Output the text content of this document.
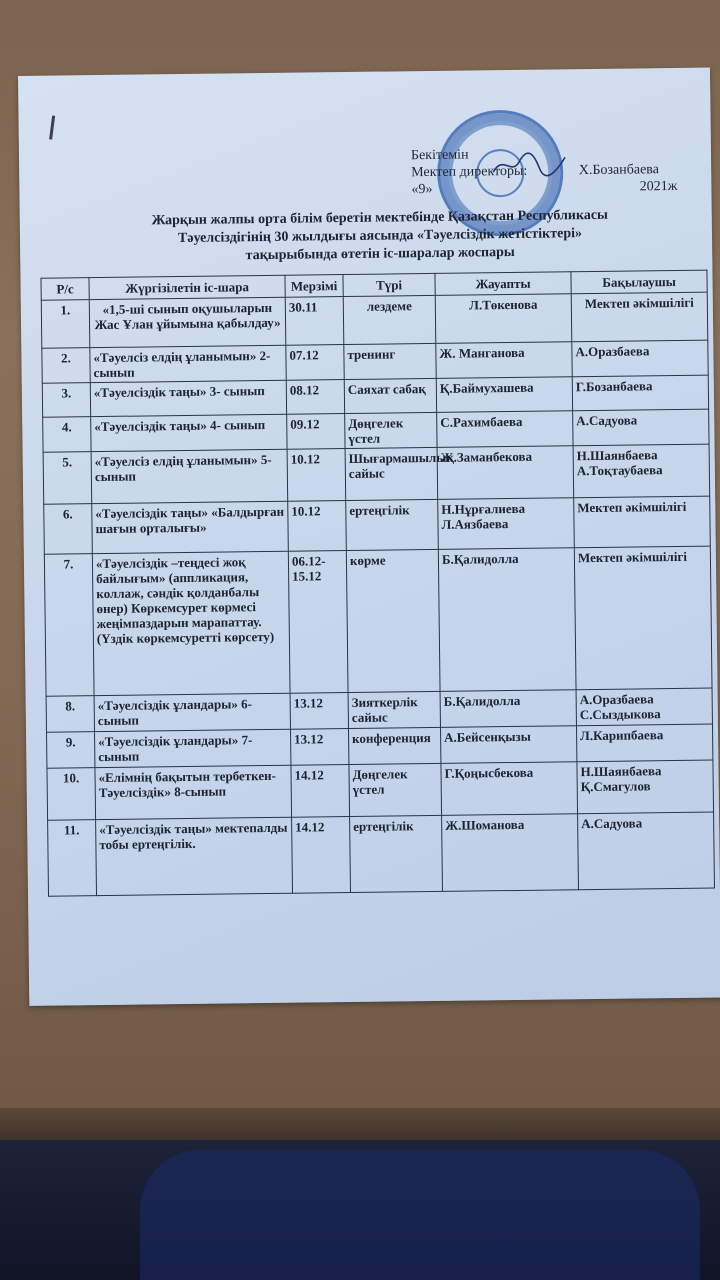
Бекітемін
Мектеп директоры:	Х.Бозанбаева
«9»	2021ж
Жарқын жалпы орта білім беретін мектебінде Қазақстан Республикасы
Тәуелсіздігінің 30 жылдығы аясында «Тәуелсіздік жетістіктері»
тақырыбында өтетін іс-шаралар жоспары
Р/с	Жүргізілетін іс-шара	Мерзімі	Түрі	Жауапты	Бақылаушы
1.	«1,5-ші сынып оқушыларын Жас Ұлан ұйымына қабылдау»	30.11	лездеме	Л.Төкенова	Мектеп әкімшілігі
2.	«Тәуелсіз елдің ұланымын» 2-сынып	07.12	тренинг	Ж. Манганова	А.Оразбаева
3.	«Тәуелсіздік таңы» 3- сынып	08.12	Саяхат сабақ	Қ.Баймухашева	Г.Бозанбаева
4.	«Тәуелсіздік таңы» 4- сынып	09.12	Дөңгелек үстел	С.Рахимбаева	А.Садуова
5.	«Тәуелсіз елдің ұланымын» 5-сынып	10.12	Шығармашылық сайыс	Ж.Заманбекова	Н.Шаянбаева А.Тоқтаубаева
6.	«Тәуелсіздік таңы» «Балдырған шағын орталығы»	10.12	ертеңгілік	Н.Нұрғалиева Л.Аязбаева	Мектеп әкімшілігі
7.	«Тәуелсіздік –теңдесі жоқ байлығым» (аппликация, коллаж, сәндік қолданбалы өнер) Көркемсурет көрмесі жеңімпаздарын марапаттау. (Үздік көркемсуретті көрсету)	06.12-15.12	көрме	Б.Қалидолла	Мектеп әкімшілігі
8.	«Тәуелсіздік ұландары» 6-сынып	13.12	Зияткерлік сайыс	Б.Қалидолла	А.Оразбаева С.Сыздыкова
9.	«Тәуелсіздік ұландары» 7-сынып	13.12	конференция	А.Бейсенқызы	Л.Карипбаева
10.	«Елімнің бақытын тербеткен-Тәуелсіздік» 8-сынып	14.12	Дөңгелек үстел	Г.Қоңысбекова	Н.Шаянбаева Қ.Смагулов
11.	«Тәуелсіздік таңы» мектепалды тобы ертеңгілік.	14.12	ертеңгілік	Ж.Шоманова	А.Садуова
